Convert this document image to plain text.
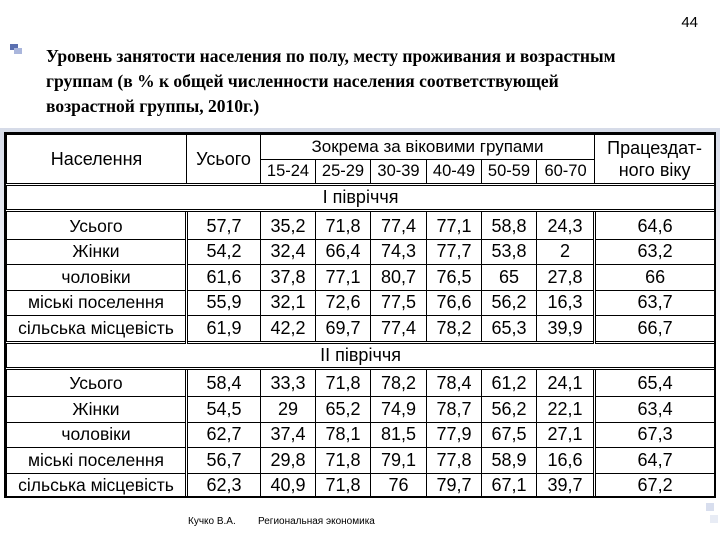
44
Уровень занятости населения по полу, месту проживания и возрастным группам (в % к общей численности населения соответствующей возрастной группы, 2010г.)
Населення	Усього	Зокрема за віковими групами						Працездат-ного віку
		15-24	25-29	30-39	40-49	50-59	60-70	
I півріччя								
Усього	57,7	35,2	71,8	77,4	77,1	58,8	24,3	64,6
Жінки	54,2	32,4	66,4	74,3	77,7	53,8	2	63,2
чоловіки	61,6	37,8	77,1	80,7	76,5	65	27,8	66
міські поселення	55,9	32,1	72,6	77,5	76,6	56,2	16,3	63,7
сільська місцевість	61,9	42,2	69,7	77,4	78,2	65,3	39,9	66,7
II півріччя								
Усього	58,4	33,3	71,8	78,2	78,4	61,2	24,1	65,4
Жінки	54,5	29	65,2	74,9	78,7	56,2	22,1	63,4
чоловіки	62,7	37,4	78,1	81,5	77,9	67,5	27,1	67,3
міські поселення	56,7	29,8	71,8	79,1	77,8	58,9	16,6	64,7
сільська місцевість	62,3	40,9	71,8	76	79,7	67,1	39,7	67,2
Кучко В.А. Региональная экономика
